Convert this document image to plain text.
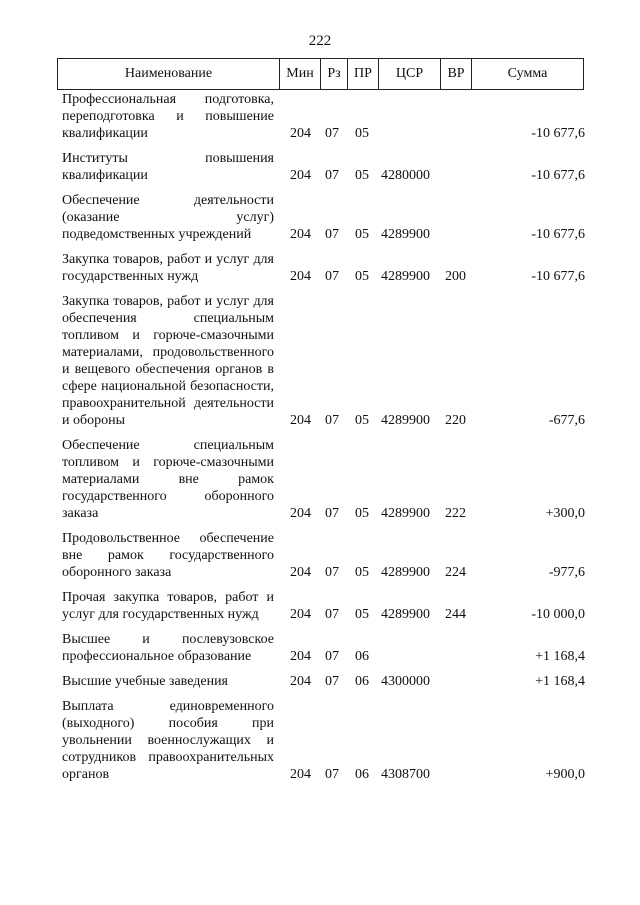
222
Наименование	Мин	Рз	ПР	ЦСР	ВР	Сумма
Профессиональная подготовка, переподготовка и повышение квалификации	204 07 05	-10 677,6
Институты повышения квалификации	204 07 05 4280000	-10 677,6
Обеспечение деятельности (оказание услуг) подведомственных учреждений	204 07 05 4289900	-10 677,6
Закупка товаров, работ и услуг для государственных нужд	204 07 05 4289900 200	-10 677,6
Закупка товаров, работ и услуг для обеспечения специальным топливом и горюче-смазочными материалами, продовольственного и вещевого обеспечения органов в сфере национальной безопасности, правоохранительной деятельности и обороны	204 07 05 4289900 220	-677,6
Обеспечение специальным топливом и горюче-смазочными материалами вне рамок государственного оборонного заказа	204 07 05 4289900 222	+300,0
Продовольственное обеспечение вне рамок государственного оборонного заказа	204 07 05 4289900 224	-977,6
Прочая закупка товаров, работ и услуг для государственных нужд	204 07 05 4289900 244	-10 000,0
Высшее и послевузовское профессиональное образование	204 07 06	+1 168,4
Высшие учебные заведения	204 07 06 4300000	+1 168,4
Выплата единовременного (выходного) пособия при увольнении военнослужащих и сотрудников правоохранительных органов	204 07 06 4308700	+900,0
